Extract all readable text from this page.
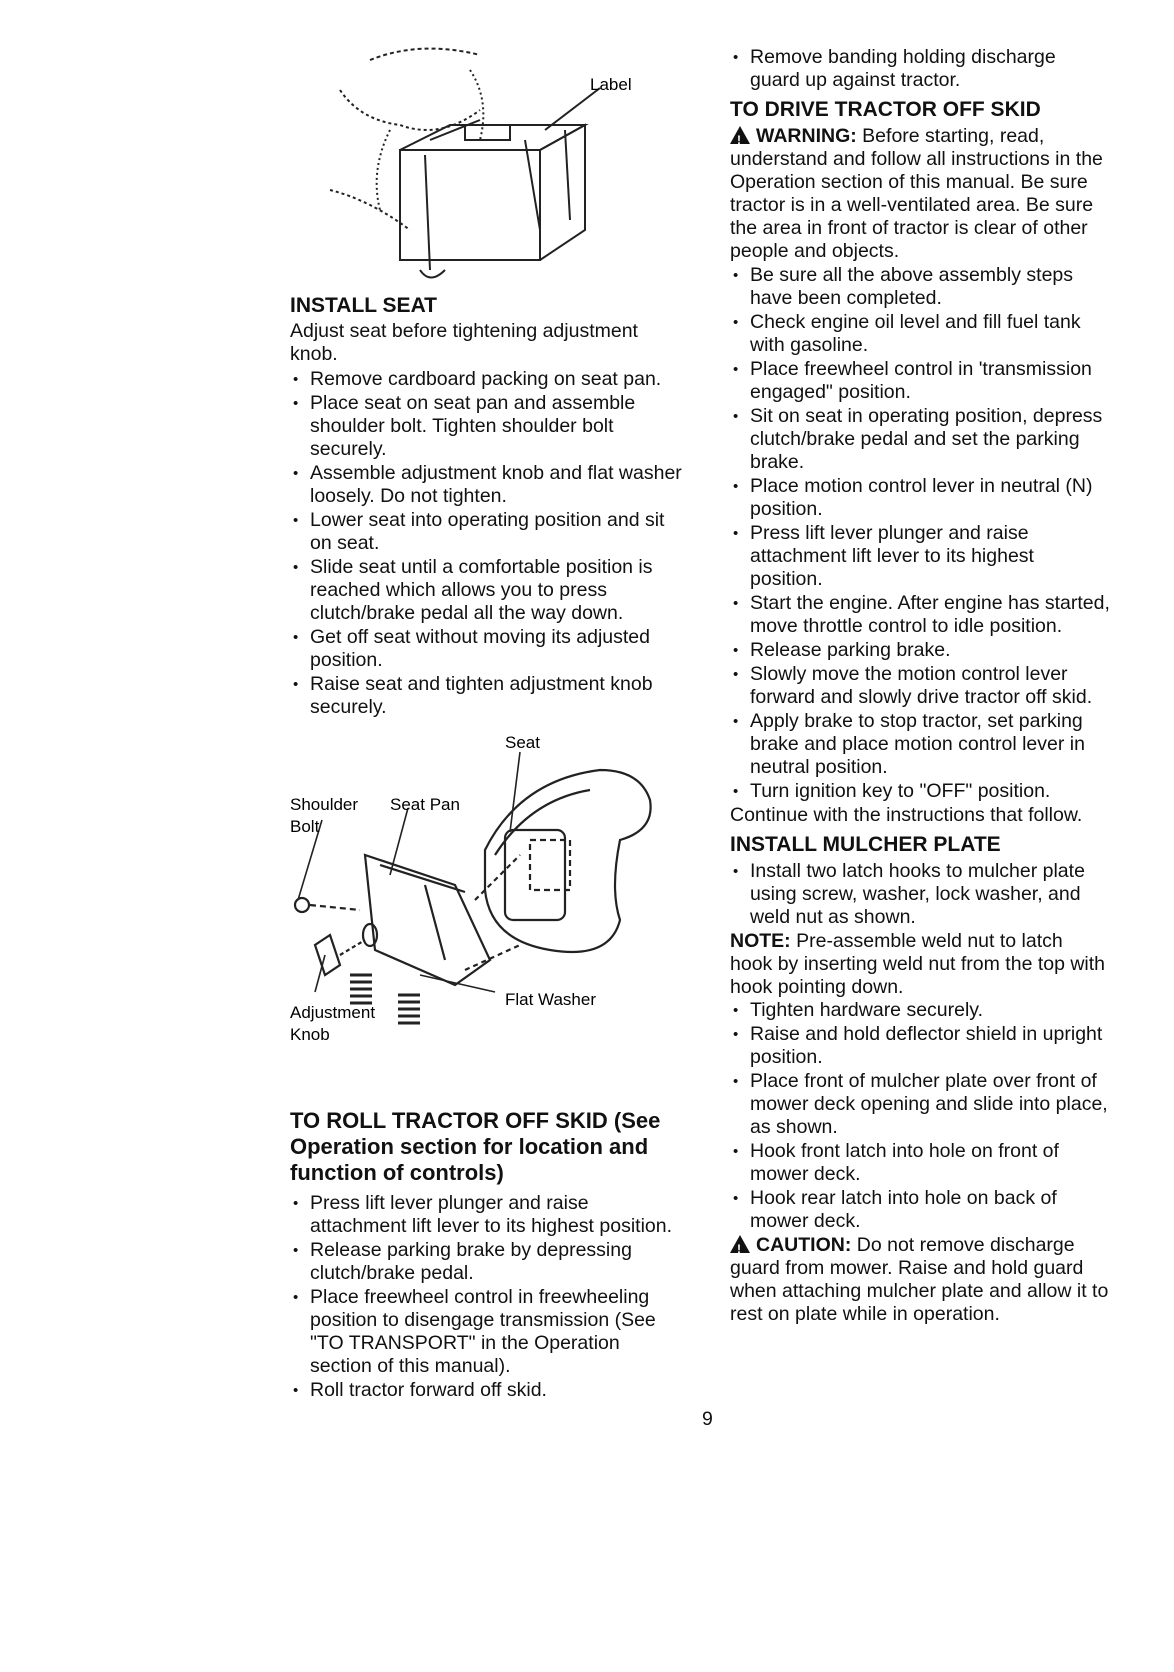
Label
INSTALL SEAT

Adjust seat before tightening adjustment knob.

• Remove cardboard packing on seat pan.
• Place seat on seat pan and assemble shoulder bolt. Tighten shoulder bolt securely.
• Assemble adjustment knob and flat washer loosely. Do not tighten.
• Lower seat into operating position and sit on seat.
• Slide seat until a comfortable position is reached which allows you to press clutch/brake pedal all the way down.
• Get off seat without moving its adjusted position.
• Raise seat and tighten adjustment knob securely.
Seat
Shoulder
Bolt
Seat Pan
Flat Washer
Adjustment
Knob
TO ROLL TRACTOR OFF SKID (See Operation section for location and function of controls)
• Press lift lever plunger and raise attachment lift lever to its highest position.
• Release parking brake by depressing clutch/brake pedal.
• Place freewheel control in freewheeling position to disengage transmission (See "TO TRANSPORT" in the Operation section of this manual).
• Roll tractor forward off skid.
• Remove banding holding discharge guard up against tractor.
TO DRIVE TRACTOR OFF SKID

!WARNING: Before starting, read, understand and follow all instructions in the Operation section of this manual. Be sure tractor is in a well-ventilated area. Be sure the area in front of tractor is clear of other people and objects.

• Be sure all the above assembly steps have been completed.
• Check engine oil level and fill fuel tank with gasoline.
• Place freewheel control in 'transmission engaged" position.
• Sit on seat in operating position, depress clutch/brake pedal and set the parking brake.
• Place motion control lever in neutral (N) position.
• Press lift lever plunger and raise attachment lift lever to its highest position.
• Start the engine. After engine has started, move throttle control to idle position.
• Release parking brake.
• Slowly move the motion control lever forward and slowly drive tractor off skid.
• Apply brake to stop tractor, set parking brake and place motion control lever in neutral position.
• Turn ignition key to "OFF" position.

Continue with the instructions that follow.

INSTALL MULCHER PLATE
• Install two latch hooks to mulcher plate using screw, washer, lock washer, and weld nut as shown.

NOTE: Pre-assemble weld nut to latch hook by inserting weld nut from the top with hook pointing down.

• Tighten hardware securely.
• Raise and hold deflector shield in upright position.
• Place front of mulcher plate over front of mower deck opening and slide into place, as shown.
• Hook front latch into hole on front of mower deck.
• Hook rear latch into hole on back of mower deck.

!CAUTION: Do not remove discharge guard from mower. Raise and hold guard when attaching mulcher plate and allow it to rest on plate while in operation.

9
